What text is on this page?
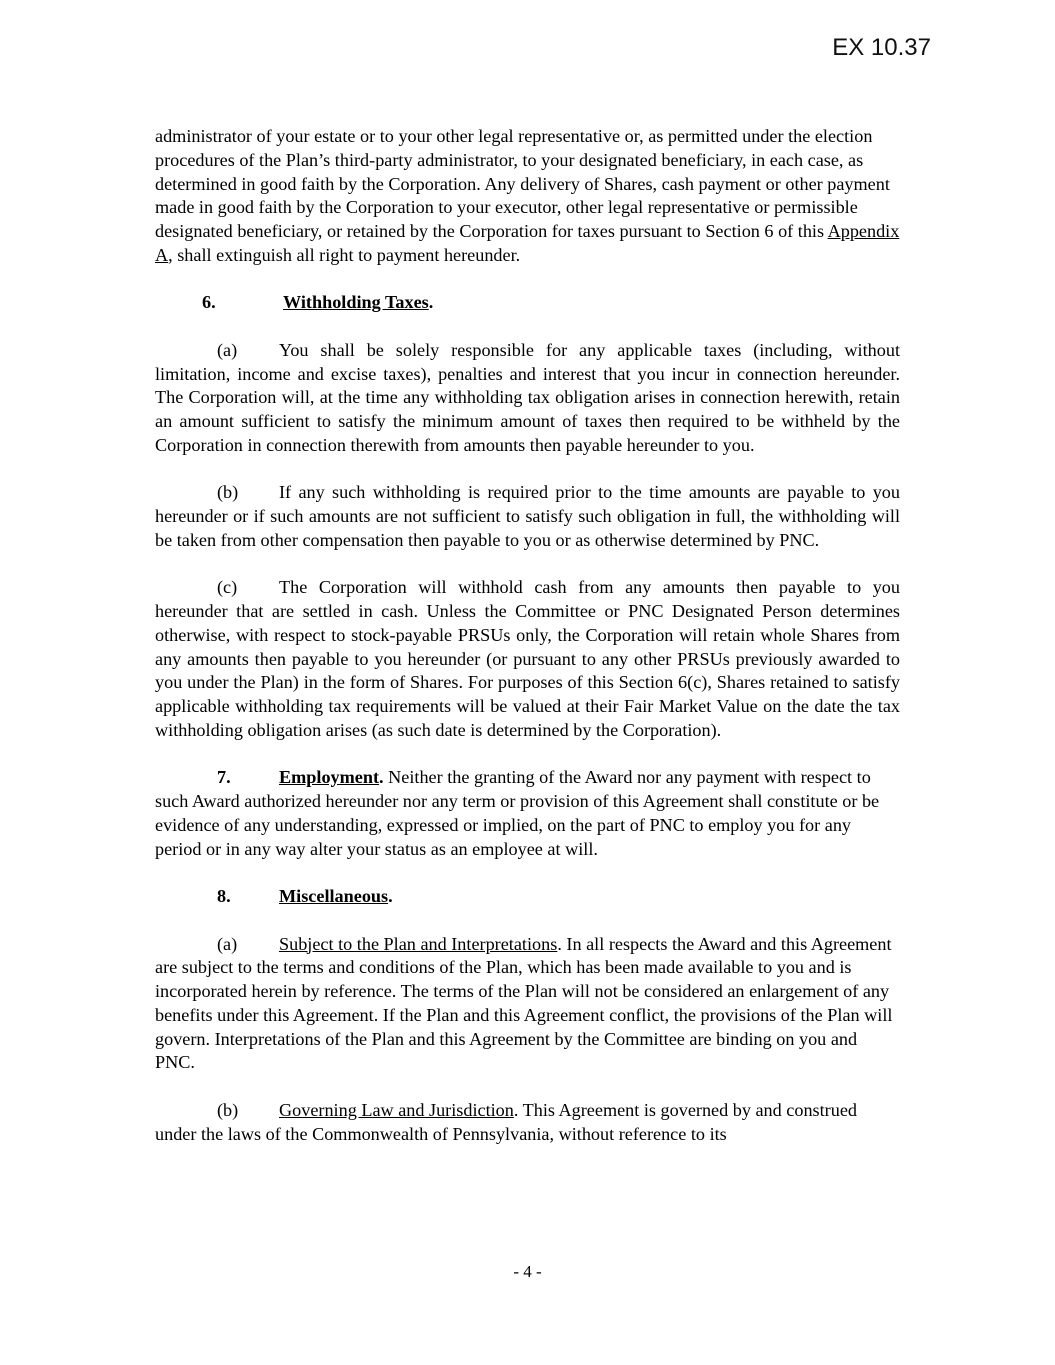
EX 10.37

administrator of your estate or to your other legal representative or, as permitted under the election procedures of the Plan’s third-party administrator, to your designated beneficiary, in each case, as determined in good faith by the Corporation. Any delivery of Shares, cash payment or other payment made in good faith by the Corporation to your executor, other legal representative or permissible designated beneficiary, or retained by the Corporation for taxes pursuant to Section 6 of this Appendix A, shall extinguish all right to payment hereunder.

6.	Withholding Taxes.

(a) You shall be solely responsible for any applicable taxes (including, without limitation, income and excise taxes), penalties and interest that you incur in connection hereunder. The Corporation will, at the time any withholding tax obligation arises in connection herewith, retain an amount sufficient to satisfy the minimum amount of taxes then required to be withheld by the Corporation in connection therewith from amounts then payable hereunder to you.

(b) If any such withholding is required prior to the time amounts are payable to you hereunder or if such amounts are not sufficient to satisfy such obligation in full, the withholding will be taken from other compensation then payable to you or as otherwise determined by PNC.

(c) The Corporation will withhold cash from any amounts then payable to you hereunder that are settled in cash. Unless the Committee or PNC Designated Person determines otherwise, with respect to stock-payable PRSUs only, the Corporation will retain whole Shares from any amounts then payable to you hereunder (or pursuant to any other PRSUs previously awarded to you under the Plan) in the form of Shares. For purposes of this Section 6(c), Shares retained to satisfy applicable withholding tax requirements will be valued at their Fair Market Value on the date the tax withholding obligation arises (as such date is determined by the Corporation).

7.	Employment. Neither the granting of the Award nor any payment with respect to such Award authorized hereunder nor any term or provision of this Agreement shall constitute or be evidence of any understanding, expressed or implied, on the part of PNC to employ you for any period or in any way alter your status as an employee at will.

8.	Miscellaneous.

(a) Subject to the Plan and Interpretations. In all respects the Award and this Agreement are subject to the terms and conditions of the Plan, which has been made available to you and is incorporated herein by reference. The terms of the Plan will not be considered an enlargement of any benefits under this Agreement. If the Plan and this Agreement conflict, the provisions of the Plan will govern. Interpretations of the Plan and this Agreement by the Committee are binding on you and PNC.

(b) Governing Law and Jurisdiction. This Agreement is governed by and construed under the laws of the Commonwealth of Pennsylvania, without reference to its

- 4 -
